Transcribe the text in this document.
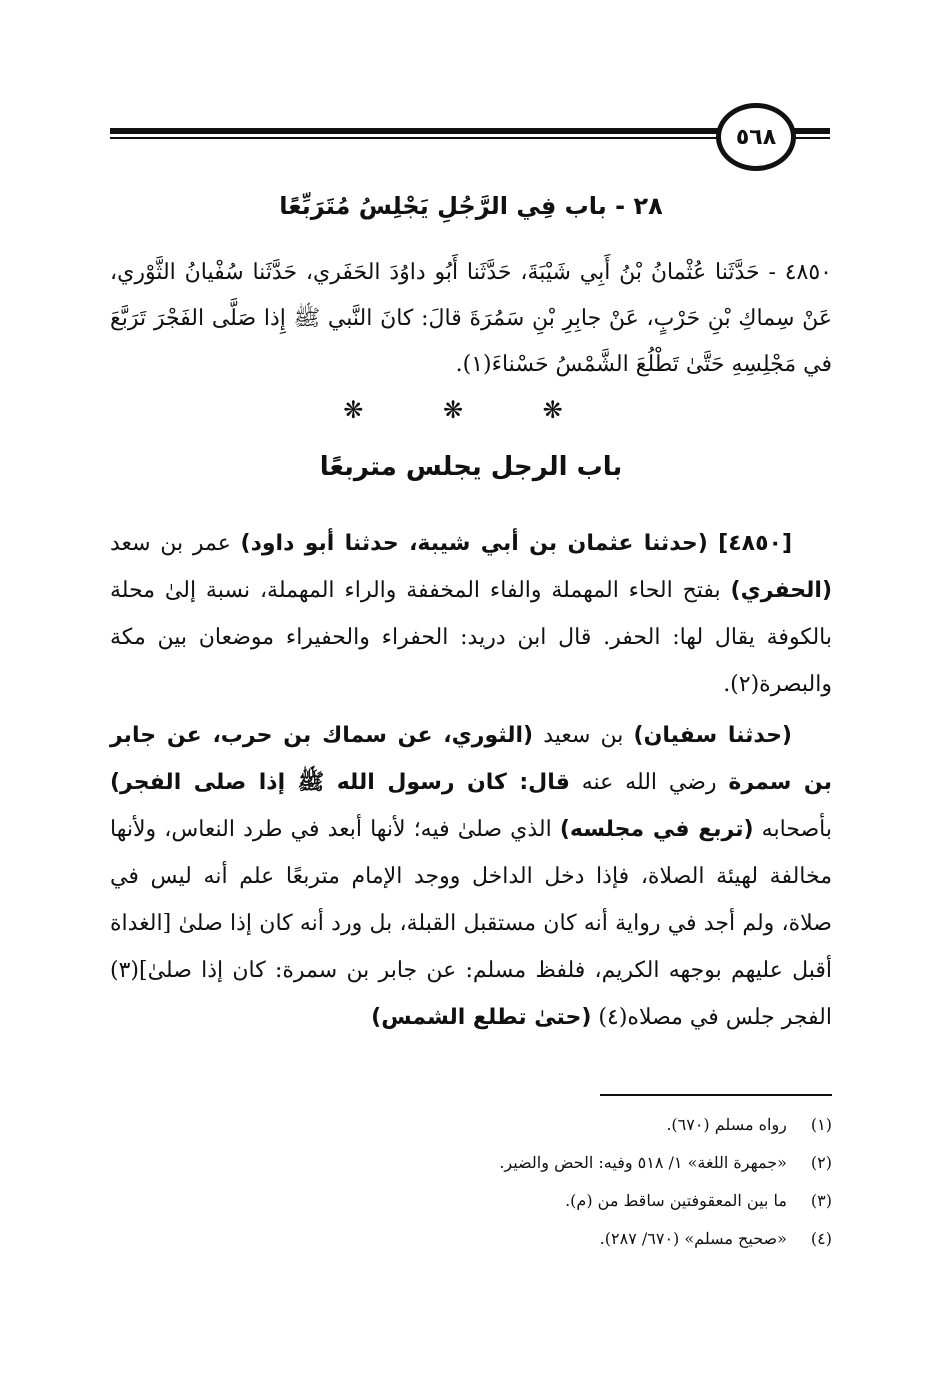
٥٦٨
٢٨ - باب فِي الرَّجُلِ يَجْلِسُ مُتَرَبِّعًا
٤٨٥٠ - حَدَّثَنا عُثْمانُ بْنُ أَبِي شَيْبَةَ، حَدَّثَنا أَبُو داوُدَ الحَفَري، حَدَّثَنا سُفْيانُ الثَّوْري، عَنْ سِماكِ بْنِ حَرْبٍ، عَنْ جابِرِ بْنِ سَمُرَةَ قالَ: كانَ النَّبي ﷺ إِذا صَلَّى الفَجْرَ تَرَبَّعَ في مَجْلِسِهِ حَتَّىٰ تَطْلُعَ الشَّمْسُ حَسْناءَ(١).
❋ ❋ ❋
باب الرجل يجلس متربعًا

[٤٨٥٠] (حدثنا عثمان بن أبي شيبة، حدثنا أبو داود) عمر بن سعد (الحفري) بفتح الحاء المهملة والفاء المخففة والراء المهملة، نسبة إلىٰ محلة بالكوفة يقال لها: الحفر. قال ابن دريد: الحفراء والحفيراء موضعان بين مكة والبصرة(٢).

(حدثنا سفيان) بن سعيد (الثوري، عن سماك بن حرب، عن جابر بن سمرة رضي الله عنه قال: كان رسول الله ﷺ إذا صلى الفجر) بأصحابه (تربع في مجلسه) الذي صلىٰ فيه؛ لأنها أبعد في طرد النعاس، ولأنها مخالفة لهيئة الصلاة، فإذا دخل الداخل ووجد الإمام متربعًا علم أنه ليس في صلاة، ولم أجد في رواية أنه كان مستقبل القبلة، بل ورد أنه كان إذا صلىٰ [الغداة أقبل عليهم بوجهه الكريم، فلفظ مسلم: عن جابر بن سمرة: كان إذا صلىٰ](٣) الفجر جلس في مصلاه(٤) (حتىٰ تطلع الشمس)

(١) رواه مسلم (٦٧٠).
(٢) «جمهرة اللغة» ١/ ٥١٨ وفيه: الحض والضير.
(٣) ما بين المعقوفتين ساقط من (م).
(٤) «صحيح مسلم» (٦٧٠/ ٢٨٧).
